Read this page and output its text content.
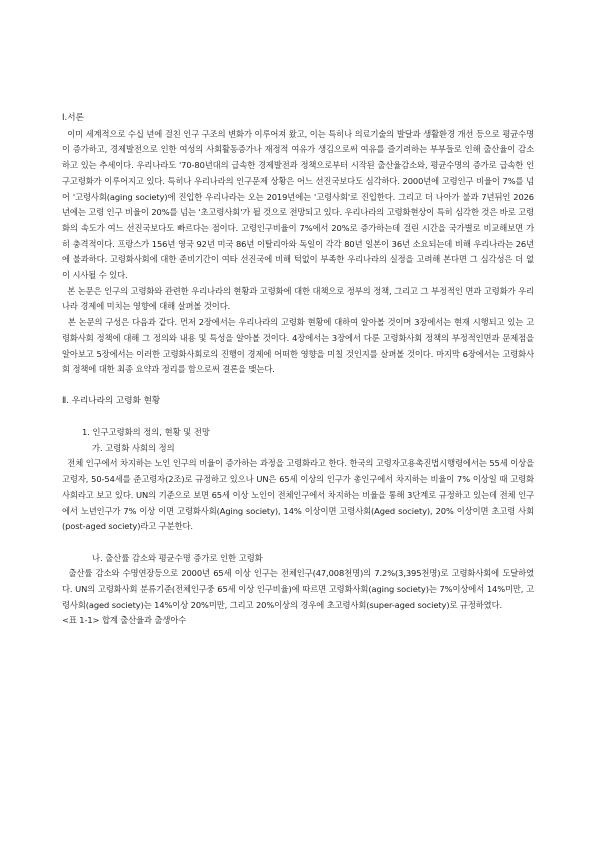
Ⅰ.서론

이미 세계적으로 수십 년에 걸친 인구 구조의 변화가 이루어져 왔고, 이는 특히나 의료기술의 발달과 생활환경 개선 등으로 평균수명이 증가하고, 경제발전으로 인한 여성의 사회활동증가나 재정적 여유가 생김으로써 여유를 즐기려하는 부부들로 인해 출산율이 감소하고 있는 추세이다. 우리나라도 '70-80년대의 급속한 경제발전과 정책으로부터 시작된 출산율감소와, 평균수명의 증가로 급속한 인구고령화가 이루어지고 있다. 특히나 우리나라의 인구문제 상황은 어느 선진국보다도 심각하다. 2000년에 고령인구 비율이 7%를 넘어 '고령사회(aging society)에 진입한 우리나라는 오는 2019년에는 '고령사회'로 진입한다. 그리고 더 나아가 불과 7년뒤인 2026년에는 고령 인구 비율이 20%를 넘는 '초고령사회'가 될 것으로 전망되고 있다. 우리나라의 고령화현상이 특히 심각한 것은 바로 고령화의 속도가 여느 선진국보다도 빠르다는 점이다. 고령인구비율이 7%에서 20%로 증가하는데 걸린 시간을 국가별로 비교해보면 가히 충격적이다. 프랑스가 156년 영국 92년 미국 86년 이탈리아와 독일이 각각 80년 일본이 36년 소요되는데 비해 우리나라는 26년에 불과하다. 고령화사회에 대한 준비기간이 여타 선진국에 비해 턱없이 부족한 우리나라의 실정을 고려해 본다면 그 심각성은 더 없이 시사될 수 있다.

본 논문은 인구의 고령화와 관련한 우리나라의 현황과 고령화에 대한 대책으로 정부의 정책, 그리고 그 부정적인 면과 고령화가 우리나라 경제에 미치는 영향에 대해 살펴볼 것이다.

본 논문의 구성은 다음과 같다. 먼저 2장에서는 우리나라의 고령화 현황에 대하여 알아볼 것이며 3장에서는 현재 시행되고 있는 고령화사회 정책에 대해 그 정의와 내용 및 특성을 알아볼 것이다. 4장에서는 3장에서 다룬 고령화사회 정책의 부정적인면과 문제점을 알아보고 5장에서는 이러한 고령화사회로의 진행이 경제에 어떠한 영향을 미칠 것인지를 살펴볼 것이다. 마지막 6장에서는 고령화사회 정책에 대한 최종 요약과 정리를 함으로써 결론을 맺는다.

Ⅱ. 우리나라의 고령화 현황

1. 인구고령화의 정의, 현황 및 전망

가. 고령화 사회의 정의

전체 인구에서 차지하는 노인 인구의 비율이 증가하는 과정을 고령화라고 한다. 한국의 고령자고용촉진법시행령에서는 55세 이상을 고령자, 50-54세를 준고령자(2조)로 규정하고 있으나 UN은 65세 이상의 인구가 총인구에서 차지하는 비율이 7% 이상일 때 고령화사회라고 보고 있다. UN의 기준으로 보면 65세 이상 노인이 전체인구에서 차지하는 비율을 통해 3단계로 규정하고 있는데 전체 인구에서 노년인구가 7% 이상 이면 고령화사회(Aging society), 14% 이상이면 고령사회(Aged society), 20% 이상이면 초고령 사회(post-aged society)라고 구분한다.

나. 출산률 감소와 평균수명 증가로 인한 고령화

출산률 감소와 수명연장등으로 2000년 65세 이상 인구는 전체인구(47,008천명)의 7.2%(3,395천명)로 고령화사회에 도달하였다. UN의 고령화사회 분류기준(전체인구중 65세 이상 인구비율)에 따르면 고령화사회(aging society)는 7%이상에서 14%미만, 고령사회(aged society)는 14%이상 20%미만, 그리고 20%이상의 경우에 초고령사회(super-aged society)로 규정하였다.

<표 1-1> 합계 출산율과 출생아수
